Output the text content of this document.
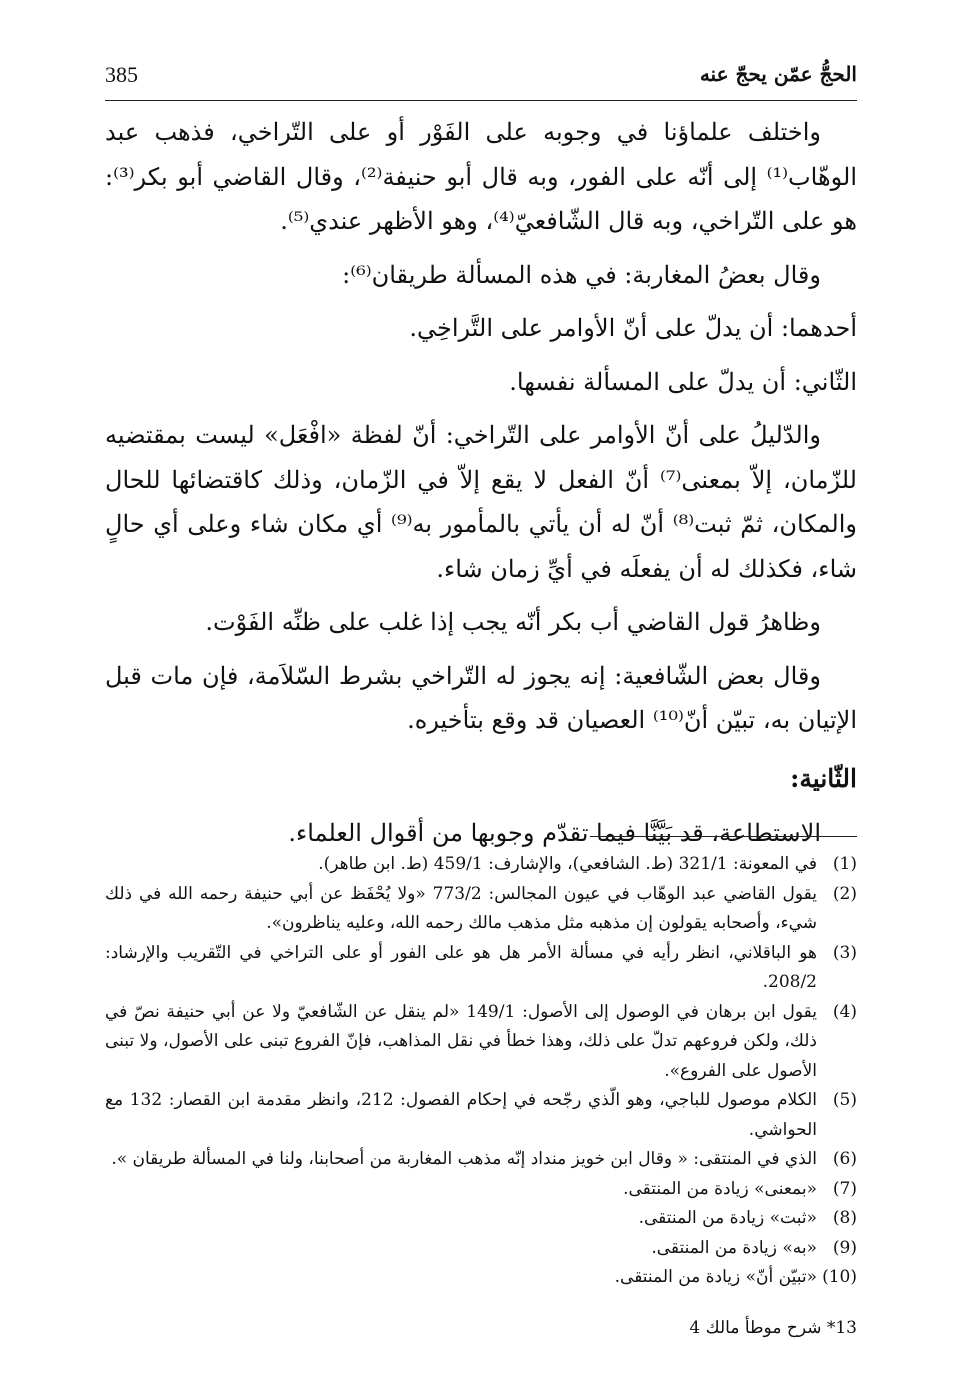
الحجُّ عمّن يحجّ عنه
385

واختلف علماؤنا في وجوبه على الفَوْر أو على التّراخي، فذهب عبد الوهّاب⁽¹⁾ إلى أنّه على الفور، وبه قال أبو حنيفة⁽²⁾، وقال القاضي أبو بكر⁽³⁾: هو على التّراخي، وبه قال الشّافعيّ⁽⁴⁾، وهو الأظهر عندي⁽⁵⁾.

وقال بعضُ المغاربة: في هذه المسألة طريقان⁽⁶⁾:

أحدهما: أن يدلّ على أنّ الأوامر على التَّراخِي.

الثّاني: أن يدلّ على المسألة نفسها.

والدّليلُ على أنّ الأوامر على التّراخي: أنّ لفظة «افْعَل» ليست بمقتضيه للزّمان، إلاّ بمعنى⁽⁷⁾ أنّ الفعل لا يقع إلاّ في الزّمان، وذلك كاقتضائها للحال والمكان، ثمّ ثبت⁽⁸⁾ أنّ له أن يأتي بالمأمور به⁽⁹⁾ أي مكان شاء وعلى أي حالٍ شاء، فكذلك له أن يفعلَه في أيِّ زمان شاء.

وظاهرُ قول القاضي أب بكر أنّه يجب إذا غلب على ظنِّه الفَوْت.

وقال بعض الشّافعية: إنه يجوز له التّراخي بشرط السّلاَمة، فإن مات قبل الإتيان به، تبيّن أنّ⁽¹⁰⁾ العصيان قد وقع بتأخيره.

الثّانية:

الاستطاعة، قد بَيَّنَّا فيما تقدّم وجوبها من أقوال العلماء.

(1)
في المعونة: 321/1 (ط. الشافعي)، والإشارف: 459/1 (ط. ابن طاهر).
(2)
يقول القاضي عبد الوهّاب في عيون المجالس: 773/2 «ولا يُحْفَظ عن أبي حنيفة رحمه الله في ذلك شيء، وأصحابه يقولون إن مذهبه مثل مذهب مالك رحمه الله، وعليه يناظرون».
(3)
هو الباقلاني، انظر رأيه في مسألة الأمر هل هو على الفور أو على التراخي في التّقريب والإرشاد: 208/2.
(4)
يقول ابن برهان في الوصول إلى الأصول: 149/1 «لم ينقل عن الشّافعيّ ولا عن أبي حنيفة نصّ في ذلك، ولكن فروعهم تدلّ على ذلك، وهذا خطأ في نقل المذاهب، فإنّ الفروع تبنى على الأصول، ولا تبنى الأصول على الفروع».
(5)
الكلام موصول للباجي، وهو الّذي رجّحه في إحكام الفصول: 212، وانظر مقدمة ابن القصار: 132 مع الحواشي.
(6)
الذي في المنتقى: « وقال ابن خويز منداد إنّه مذهب المغاربة من أصحابنا، ولنا في المسألة طريقان ».
(7)
«بمعنى» زيادة من المنتقى.
(8)
«ثبت» زيادة من المنتقى.
(9)
«به» زيادة من المنتقى.
(10)
«تبيّن أنّ» زيادة من المنتقى.
13* شرح موطأ مالك 4
